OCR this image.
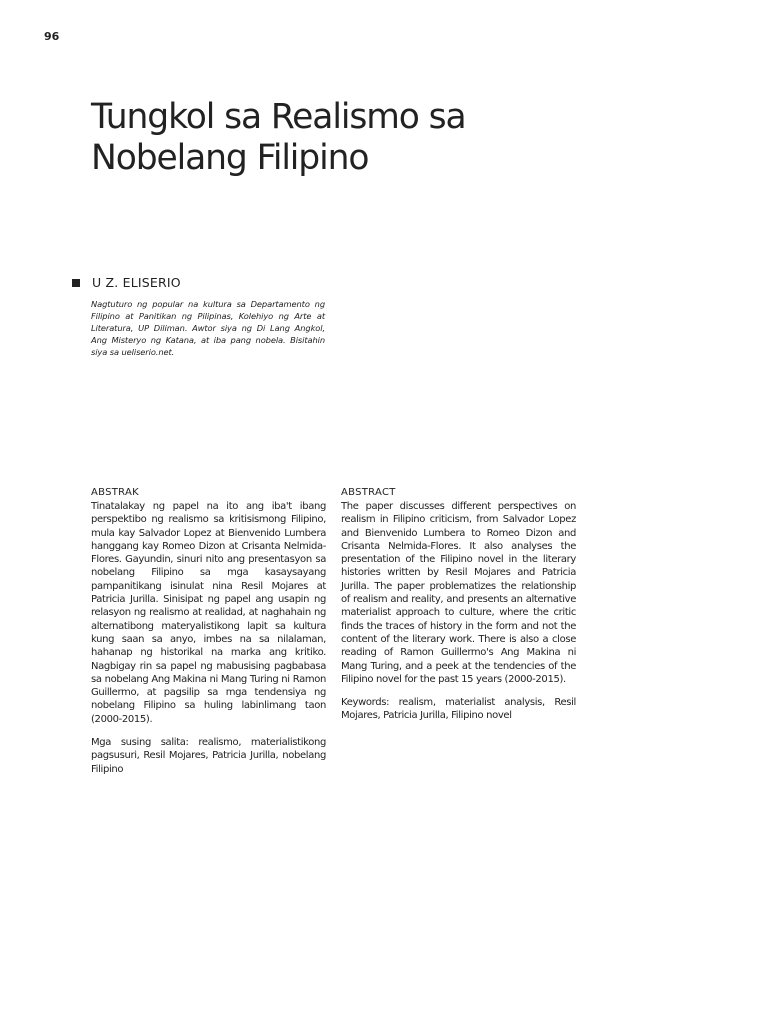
96
Tungkol sa Realismo sa Nobelang Filipino
U Z. ELISERIO

Nagtuturo ng popular na kultura sa Departamento ng Filipino at Panitikan ng Pilipinas, Kolehiyo ng Arte at Literatura, UP Diliman. Awtor siya ng Di Lang Angkol, Ang Misteryo ng Katana, at iba pang nobela. Bisitahin siya sa ueliserio.net.

ABSTRAK

Tinatalakay ng papel na ito ang iba't ibang perspektibo ng realismo sa kritisismong Filipino, mula kay Salvador Lopez at Bienvenido Lumbera hanggang kay Romeo Dizon at Crisanta Nelmida-Flores. Gayundin, sinuri nito ang presentasyon sa nobelang Filipino sa mga kasaysayang pampanitikang isinulat nina Resil Mojares at Patricia Jurilla. Sinisipat ng papel ang usapin ng relasyon ng realismo at realidad, at naghahain ng alternatibong materyalistikong lapit sa kultura kung saan sa anyo, imbes na sa nilalaman, hahanap ng historikal na marka ang kritiko. Nagbigay rin sa papel ng mabusising pagbabasa sa nobelang Ang Makina ni Mang Turing ni Ramon Guillermo, at pagsilip sa mga tendensiya ng nobelang Filipino sa huling labinlimang taon (2000-2015).

Mga susing salita: realismo, materialistikong pagsusuri, Resil Mojares, Patricia Jurilla, nobelang Filipino

ABSTRACT

The paper discusses different perspectives on realism in Filipino criticism, from Salvador Lopez and Bienvenido Lumbera to Romeo Dizon and Crisanta Nelmida-Flores. It also analyses the presentation of the Filipino novel in the literary histories written by Resil Mojares and Patricia Jurilla. The paper problematizes the relationship of realism and reality, and presents an alternative materialist approach to culture, where the critic finds the traces of history in the form and not the content of the literary work. There is also a close reading of Ramon Guillermo's Ang Makina ni Mang Turing, and a peek at the tendencies of the Filipino novel for the past 15 years (2000-2015).

Keywords: realism, materialist analysis, Resil Mojares, Patricia Jurilla, Filipino novel
